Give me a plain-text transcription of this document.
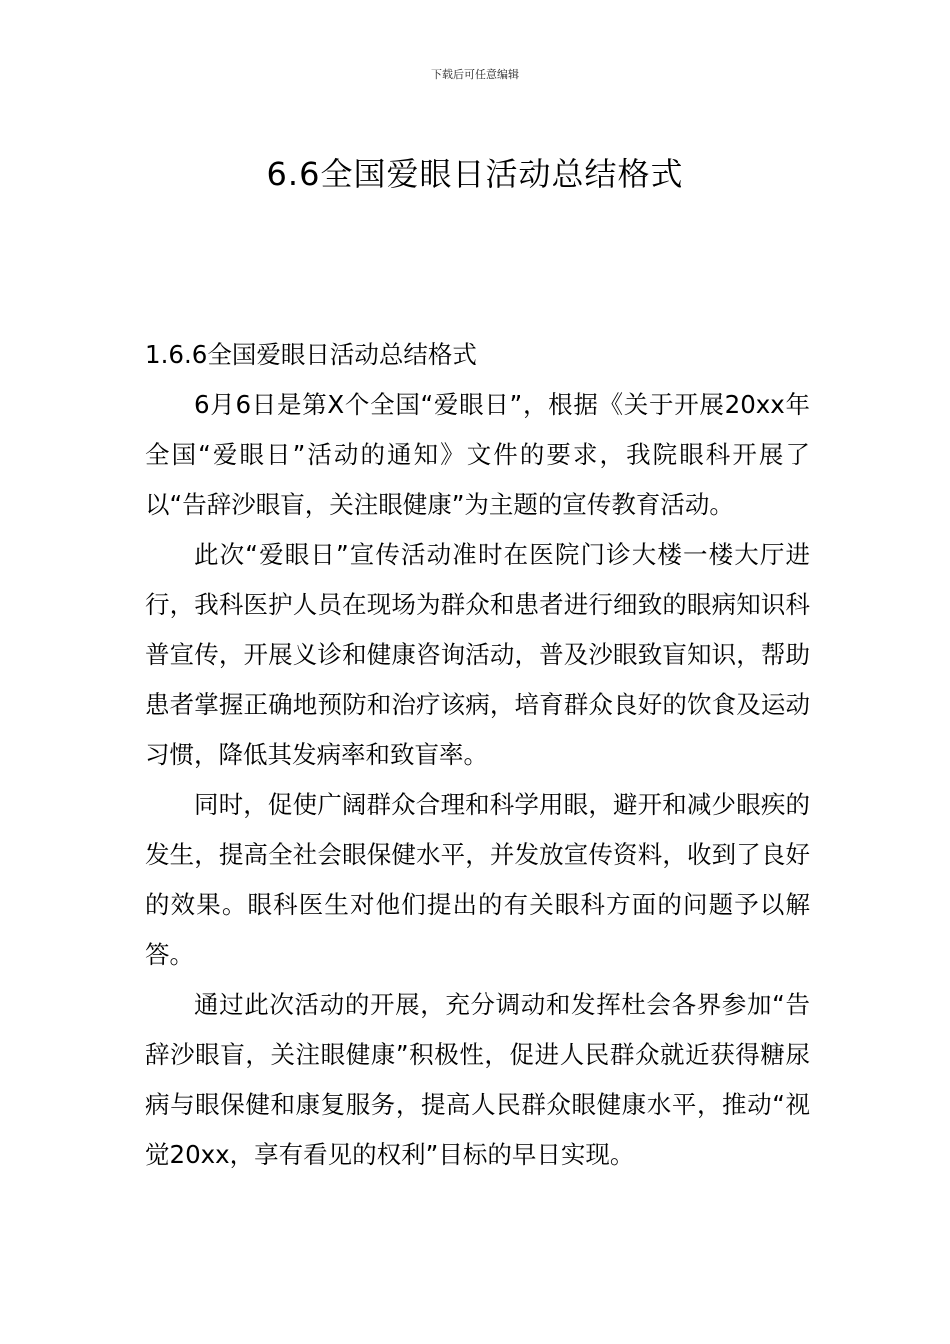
下载后可任意编辑
6.6全国爱眼日活动总结格式

1.6.6全国爱眼日活动总结格式

6月6日是第X个全国“爱眼日”，根据《关于开展20xx年全国“爱眼日”活动的通知》文件的要求，我院眼科开展了以“告辞沙眼盲，关注眼健康”为主题的宣传教育活动。

此次“爱眼日”宣传活动准时在医院门诊大楼一楼大厅进行，我科医护人员在现场为群众和患者进行细致的眼病知识科普宣传，开展义诊和健康咨询活动，普及沙眼致盲知识，帮助患者掌握正确地预防和治疗该病，培育群众良好的饮食及运动习惯，降低其发病率和致盲率。

同时，促使广阔群众合理和科学用眼，避开和减少眼疾的发生，提高全社会眼保健水平，并发放宣传资料，收到了良好的效果。眼科医生对他们提出的有关眼科方面的问题予以解答。

通过此次活动的开展，充分调动和发挥杜会各界参加“告辞沙眼盲，关注眼健康”积极性，促进人民群众就近获得糖尿病与眼保健和康复服务，提高人民群众眼健康水平，推动“视觉20xx，享有看见的权利”目标的早日实现。
